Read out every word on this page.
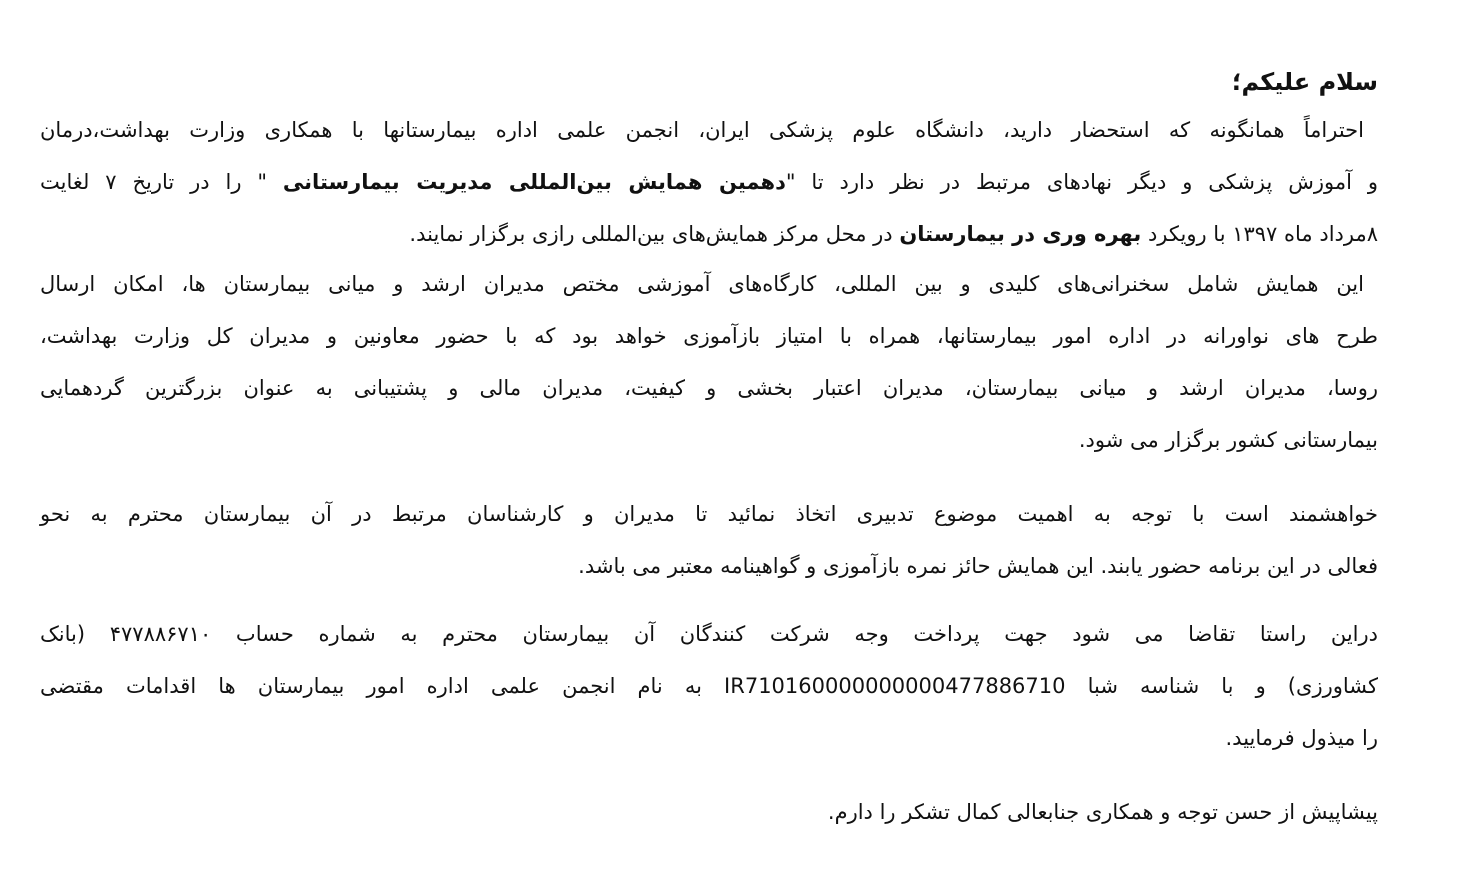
سلام علیکم؛

احتراماً همانگونه که استحضار دارید، دانشگاه علوم پزشکی ایران، انجمن علمی اداره بیمارستانها با همکاری وزارت بهداشت،درمان
و آموزش پزشکی و دیگر نهادهای مرتبط در نظر دارد تا "دهمین همایش بین‌المللی مدیریت بیمارستانی " را در تاریخ ۷ لغایت
۸مرداد ماه ۱۳۹۷ با رویکرد بهره وری در بیمارستان در محل مرکز همایش‌های بین‌المللی رازی برگزار نمایند.
این همایش شامل سخنرانی‌های کلیدی و بین المللی، کارگاه‌های آموزشی مختص مدیران ارشد و میانی بیمارستان ها، امکان ارسال
طرح های نواورانه در اداره امور بیمارستانها، همراه با امتیاز بازآموزی خواهد بود که با حضور معاونین و مدیران کل وزارت بهداشت،
روسا، مدیران ارشد و میانی بیمارستان، مدیران اعتبار بخشی و کیفیت، مدیران مالی و پشتیبانی به عنوان بزرگترین گردهمایی
بیمارستانی کشور برگزار می شود.
خواهشمند است با توجه به اهمیت موضوع تدبیری اتخاذ نمائید تا مدیران و کارشناسان مرتبط در آن بیمارستان محترم به نحو
فعالی در این برنامه حضور یابند. این همایش حائز نمره بازآموزی و گواهینامه معتبر می باشد.
دراین راستا تقاضا می شود جهت پرداخت وجه شرکت کنندگان آن بیمارستان محترم به شماره حساب ۴۷۷۸۸۶۷۱۰ (بانک
کشاورزی) و با شناسه شبا IR710160000000000477886710 به نام انجمن علمی اداره امور بیمارستان ها اقدامات مقتضی
را میذول فرمایید.
پیشاپیش از حسن توجه و همکاری جنابعالی کمال تشکر را دارم.
